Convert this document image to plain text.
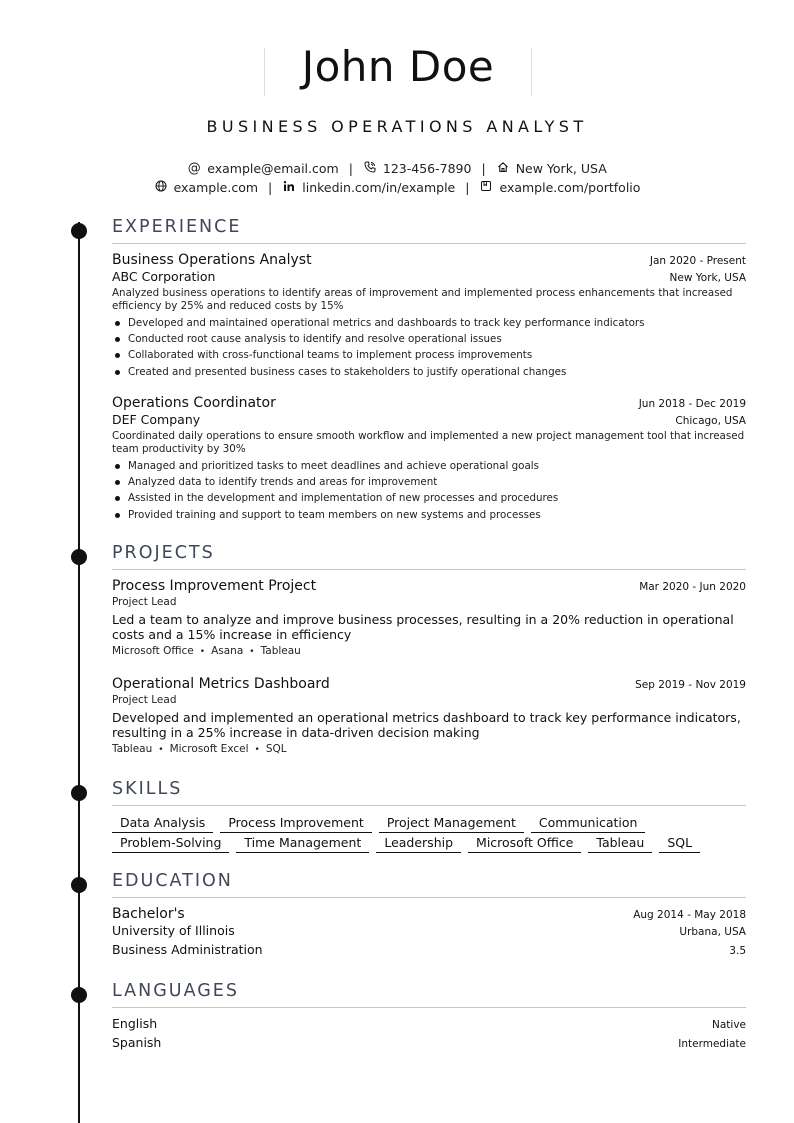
John Doe
BUSINESS OPERATIONS ANALYST
@ example@email.com | 123-456-7890 | New York, USA
example.com | linkedin.com/in/example | example.com/portfolio
EXPERIENCE
Business Operations Analyst	Jan 2020 - Present
ABC Corporation	New York, USA
Analyzed business operations to identify areas of improvement and implemented process enhancements that increased efficiency by 25% and reduced costs by 15%
Developed and maintained operational metrics and dashboards to track key performance indicators
Conducted root cause analysis to identify and resolve operational issues
Collaborated with cross-functional teams to implement process improvements
Created and presented business cases to stakeholders to justify operational changes
Operations Coordinator	Jun 2018 - Dec 2019
DEF Company	Chicago, USA
Coordinated daily operations to ensure smooth workflow and implemented a new project management tool that increased team productivity by 30%
Managed and prioritized tasks to meet deadlines and achieve operational goals
Analyzed data to identify trends and areas for improvement
Assisted in the development and implementation of new processes and procedures
Provided training and support to team members on new systems and processes
PROJECTS
Process Improvement Project	Mar 2020 - Jun 2020
Project Lead
Led a team to analyze and improve business processes, resulting in a 20% reduction in operational costs and a 15% increase in efficiency
Microsoft Office • Asana • Tableau
Operational Metrics Dashboard	Sep 2019 - Nov 2019
Project Lead
Developed and implemented an operational metrics dashboard to track key performance indicators, resulting in a 25% increase in data-driven decision making
Tableau • Microsoft Excel • SQL
SKILLS
Data Analysis	Process Improvement	Project Management	Communication
Problem-Solving	Time Management	Leadership	Microsoft Office	Tableau	SQL
EDUCATION
Bachelor's	Aug 2014 - May 2018
University of Illinois	Urbana, USA
Business Administration	3.5
LANGUAGES
English	Native
Spanish	Intermediate
